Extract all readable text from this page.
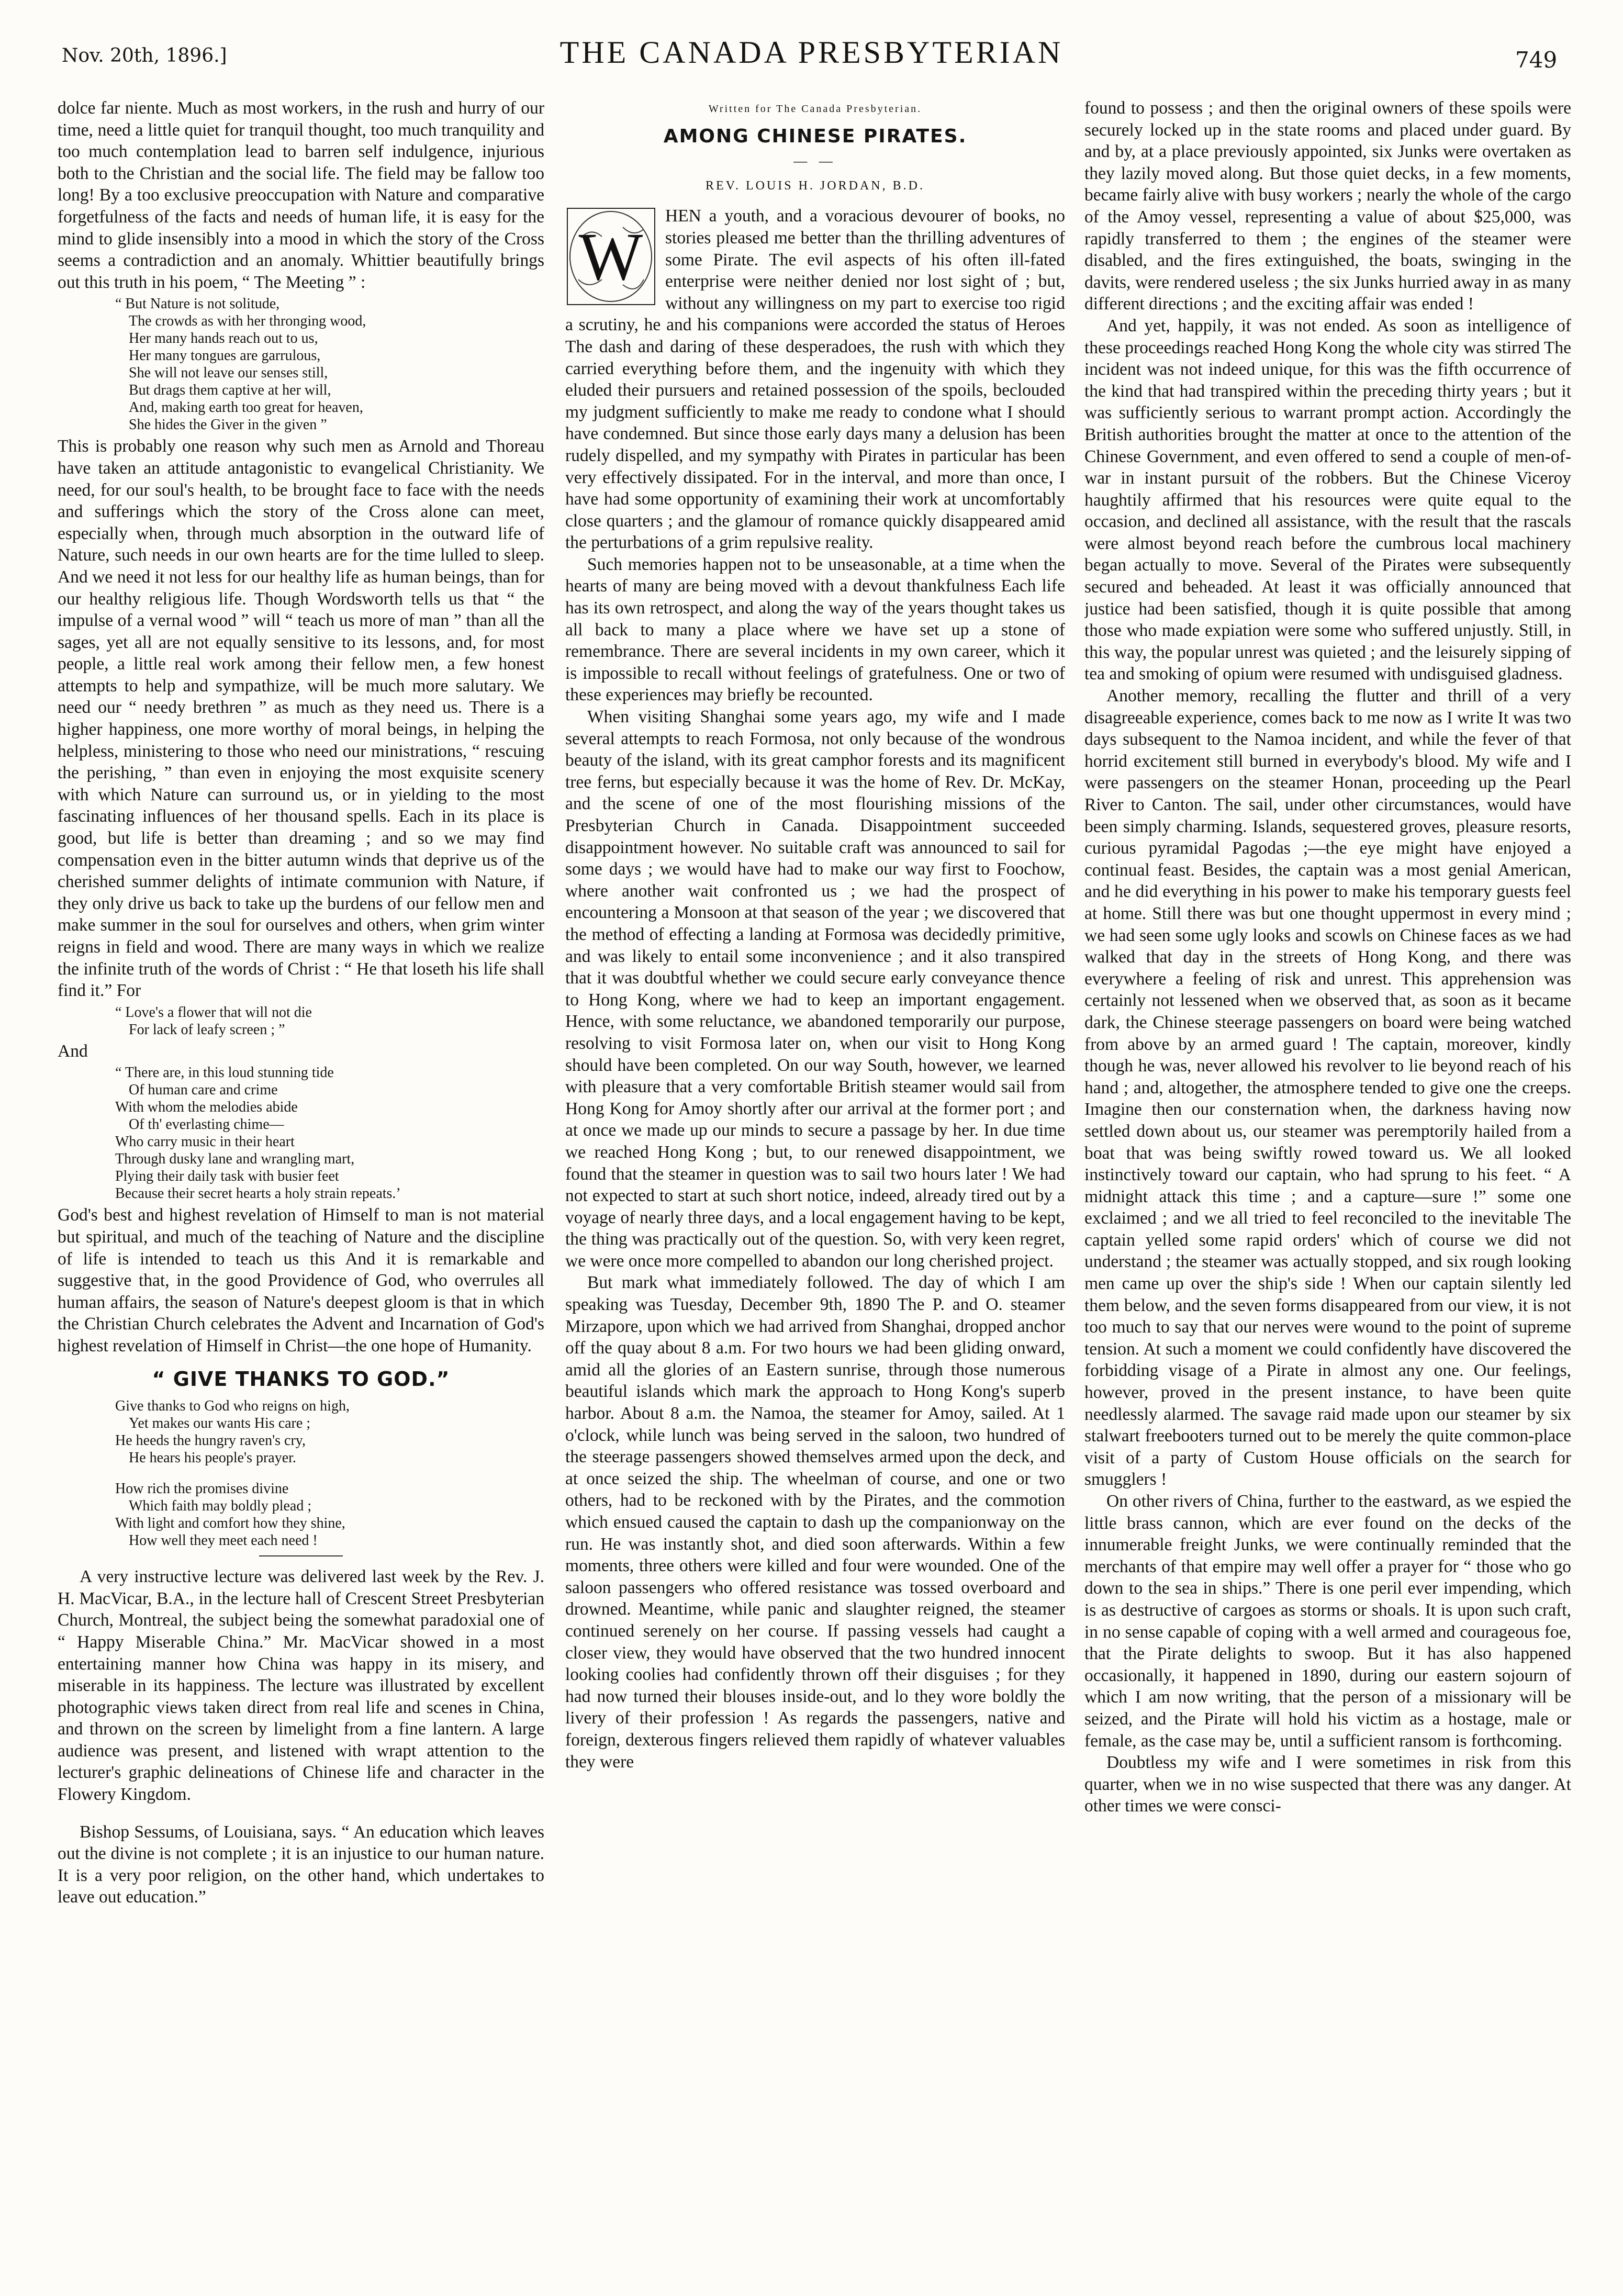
Nov. 20th, 1896.]	THE CANADA PRESBYTERIAN	749

dolce far niente. Much as most workers, in the rush and hurry of our time, need a little quiet for tranquil thought, too much tranquility and too much contemplation lead to barren self indulgence, injurious both to the Christian and the social life. The field may be fallow too long! By a too exclusive preoccupation with Nature and comparative forgetfulness of the facts and needs of human life, it is easy for the mind to glide insensibly into a mood in which the story of the Cross seems a contradiction and an anomaly. Whittier beautifully brings out this truth in his poem, “ The Meeting ” :

“ But Nature is not solitude,
The crowds as with her thronging wood,
Her many hands reach out to us,
Her many tongues are garrulous,
She will not leave our senses still,
But drags them captive at her will,
And, making earth too great for heaven,
She hides the Giver in the given ”

This is probably one reason why such men as Arnold and Thoreau have taken an attitude antagonistic to evangelical Christianity. We need, for our soul's health, to be brought face to face with the needs and sufferings which the story of the Cross alone can meet, especially when, through much absorption in the outward life of Nature, such needs in our own hearts are for the time lulled to sleep. And we need it not less for our healthy life as human beings, than for our healthy religious life. Though Wordsworth tells us that “ the impulse of a vernal wood ” will “ teach us more of man ” than all the sages, yet all are not equally sensitive to its lessons, and, for most people, a little real work among their fellow men, a few honest attempts to help and sympathize, will be much more salutary. We need our “ needy brethren ” as much as they need us. There is a higher happiness, one more worthy of moral beings, in helping the helpless, ministering to those who need our ministrations, “ rescuing the perishing, ” than even in enjoying the most exquisite scenery with which Nature can surround us, or in yielding to the most fascinating influences of her thousand spells. Each in its place is good, but life is better than dreaming ; and so we may find compensation even in the bitter autumn winds that deprive us of the cherished summer delights of intimate communion with Nature, if they only drive us back to take up the burdens of our fellow men and make summer in the soul for ourselves and others, when grim winter reigns in field and wood. There are many ways in which we realize the infinite truth of the words of Christ : “ He that loseth his life shall find it.” For

“ Love's a flower that will not die
For lack of leafy screen ; ”

And

“ There are, in this loud stunning tide
Of human care and crime
With whom the melodies abide
Of th' everlasting chime—
Who carry music in their heart
Through dusky lane and wrangling mart,
Plying their daily task with busier feet
Because their secret hearts a holy strain repeats.’

God's best and highest revelation of Himself to man is not material but spiritual, and much of the teaching of Nature and the discipline of life is intended to teach us this And it is remarkable and suggestive that, in the good Providence of God, who overrules all human affairs, the season of Nature's deepest gloom is that in which the Christian Church celebrates the Advent and Incarnation of God's highest revelation of Himself in Christ—the one hope of Humanity.

“ GIVE THANKS TO GOD.”
Give thanks to God who reigns on high,
Yet makes our wants His care ;
He heeds the hungry raven's cry,
He hears his people's prayer.
How rich the promises divine
Which faith may boldly plead ;
With light and comfort how they shine,
How well they meet each need !

A very instructive lecture was delivered last week by the Rev. J. H. MacVicar, B.A., in the lecture hall of Crescent Street Presbyterian Church, Montreal, the subject being the somewhat paradoxial one of “ Happy Miserable China.” Mr. MacVicar showed in a most entertaining manner how China was happy in its misery, and miserable in its happiness. The lecture was illustrated by excellent photographic views taken direct from real life and scenes in China, and thrown on the screen by limelight from a fine lantern. A large audience was present, and listened with wrapt attention to the lecturer's graphic delineations of Chinese life and character in the Flowery Kingdom.

Bishop Sessums, of Louisiana, says. “ An education which leaves out the divine is not complete ; it is an injustice to our human nature. It is a very poor religion, on the other hand, which undertakes to leave out education.”

Written for The Canada Presbyterian.
AMONG CHINESE PIRATES.
— —
REV. LOUIS H. JORDAN, B.D.
W

HEN a youth, and a voracious devourer of books, no stories pleased me better than the thrilling adventures of some Pirate. The evil aspects of his often ill-fated enterprise were neither denied nor lost sight of ; but, without any willingness on my part to exercise too rigid a scrutiny, he and his companions were accorded the status of Heroes The dash and daring of these desperadoes, the rush with which they carried everything before them, and the ingenuity with which they eluded their pursuers and retained possession of the spoils, beclouded my judgment sufficiently to make me ready to condone what I should have condemned. But since those early days many a delusion has been rudely dispelled, and my sympathy with Pirates in particular has been very effectively dissipated. For in the interval, and more than once, I have had some opportunity of examining their work at uncomfortably close quarters ; and the glamour of romance quickly disappeared amid the perturbations of a grim repulsive reality.

Such memories happen not to be unseasonable, at a time when the hearts of many are being moved with a devout thankfulness Each life has its own retrospect, and along the way of the years thought takes us all back to many a place where we have set up a stone of remembrance. There are several incidents in my own career, which it is impossible to recall without feelings of gratefulness. One or two of these experiences may briefly be recounted.

When visiting Shanghai some years ago, my wife and I made several attempts to reach Formosa, not only because of the wondrous beauty of the island, with its great camphor forests and its magnificent tree ferns, but especially because it was the home of Rev. Dr. McKay, and the scene of one of the most flourishing missions of the Presbyterian Church in Canada. Disappointment succeeded disappointment however. No suitable craft was announced to sail for some days ; we would have had to make our way first to Foochow, where another wait confronted us ; we had the prospect of encountering a Monsoon at that season of the year ; we discovered that the method of effecting a landing at Formosa was decidedly primitive, and was likely to entail some inconvenience ; and it also transpired that it was doubtful whether we could secure early conveyance thence to Hong Kong, where we had to keep an important engagement. Hence, with some reluctance, we abandoned temporarily our purpose, resolving to visit Formosa later on, when our visit to Hong Kong should have been completed. On our way South, however, we learned with pleasure that a very comfortable British steamer would sail from Hong Kong for Amoy shortly after our arrival at the former port ; and at once we made up our minds to secure a passage by her. In due time we reached Hong Kong ; but, to our renewed disappointment, we found that the steamer in question was to sail two hours later ! We had not expected to start at such short notice, indeed, already tired out by a voyage of nearly three days, and a local engagement having to be kept, the thing was practically out of the question. So, with very keen regret, we were once more compelled to abandon our long cherished project.

But mark what immediately followed. The day of which I am speaking was Tuesday, December 9th, 1890 The P. and O. steamer Mirzapore, upon which we had arrived from Shanghai, dropped anchor off the quay about 8 a.m. For two hours we had been gliding onward, amid all the glories of an Eastern sunrise, through those numerous beautiful islands which mark the approach to Hong Kong's superb harbor. About 8 a.m. the Namoa, the steamer for Amoy, sailed. At 1 o'clock, while lunch was being served in the saloon, two hundred of the steerage passengers showed themselves armed upon the deck, and at once seized the ship. The wheelman of course, and one or two others, had to be reckoned with by the Pirates, and the commotion which ensued caused the captain to dash up the companionway on the run. He was instantly shot, and died soon afterwards. Within a few moments, three others were killed and four were wounded. One of the saloon passengers who offered resistance was tossed overboard and drowned. Meantime, while panic and slaughter reigned, the steamer continued serenely on her course. If passing vessels had caught a closer view, they would have observed that the two hundred innocent looking coolies had confidently thrown off their disguises ; for they had now turned their blouses inside-out, and lo they wore boldly the livery of their profession ! As regards the passengers, native and foreign, dexterous fingers relieved them rapidly of whatever valuables they were

found to possess ; and then the original owners of these spoils were securely locked up in the state rooms and placed under guard. By and by, at a place previously appointed, six Junks were overtaken as they lazily moved along. But those quiet decks, in a few moments, became fairly alive with busy workers ; nearly the whole of the cargo of the Amoy vessel, representing a value of about $25,000, was rapidly transferred to them ; the engines of the steamer were disabled, and the fires extinguished, the boats, swinging in the davits, were rendered useless ; the six Junks hurried away in as many different directions ; and the exciting affair was ended !

And yet, happily, it was not ended. As soon as intelligence of these proceedings reached Hong Kong the whole city was stirred The incident was not indeed unique, for this was the fifth occurrence of the kind that had transpired within the preceding thirty years ; but it was sufficiently serious to warrant prompt action. Accordingly the British authorities brought the matter at once to the attention of the Chinese Government, and even offered to send a couple of men-of-war in instant pursuit of the robbers. But the Chinese Viceroy haughtily affirmed that his resources were quite equal to the occasion, and declined all assistance, with the result that the rascals were almost beyond reach before the cumbrous local machinery began actually to move. Several of the Pirates were subsequently secured and beheaded. At least it was officially announced that justice had been satisfied, though it is quite possible that among those who made expiation were some who suffered unjustly. Still, in this way, the popular unrest was quieted ; and the leisurely sipping of tea and smoking of opium were resumed with undisguised gladness.

Another memory, recalling the flutter and thrill of a very disagreeable experience, comes back to me now as I write It was two days subsequent to the Namoa incident, and while the fever of that horrid excitement still burned in everybody's blood. My wife and I were passengers on the steamer Honan, proceeding up the Pearl River to Canton. The sail, under other circumstances, would have been simply charming. Islands, sequestered groves, pleasure resorts, curious pyramidal Pagodas ;—the eye might have enjoyed a continual feast. Besides, the captain was a most genial American, and he did everything in his power to make his temporary guests feel at home. Still there was but one thought uppermost in every mind ; we had seen some ugly looks and scowls on Chinese faces as we had walked that day in the streets of Hong Kong, and there was everywhere a feeling of risk and unrest. This apprehension was certainly not lessened when we observed that, as soon as it became dark, the Chinese steerage passengers on board were being watched from above by an armed guard ! The captain, moreover, kindly though he was, never allowed his revolver to lie beyond reach of his hand ; and, altogether, the atmosphere tended to give one the creeps. Imagine then our consternation when, the darkness having now settled down about us, our steamer was peremptorily hailed from a boat that was being swiftly rowed toward us. We all looked instinctively toward our captain, who had sprung to his feet. “ A midnight attack this time ; and a capture—sure !” some one exclaimed ; and we all tried to feel reconciled to the inevitable The captain yelled some rapid orders' which of course we did not understand ; the steamer was actually stopped, and six rough looking men came up over the ship's side ! When our captain silently led them below, and the seven forms disappeared from our view, it is not too much to say that our nerves were wound to the point of supreme tension. At such a moment we could confidently have discovered the forbidding visage of a Pirate in almost any one. Our feelings, however, proved in the present instance, to have been quite needlessly alarmed. The savage raid made upon our steamer by six stalwart freebooters turned out to be merely the quite common-place visit of a party of Custom House officials on the search for smugglers !

On other rivers of China, further to the eastward, as we espied the little brass cannon, which are ever found on the decks of the innumerable freight Junks, we were continually reminded that the merchants of that empire may well offer a prayer for “ those who go down to the sea in ships.” There is one peril ever impending, which is as destructive of cargoes as storms or shoals. It is upon such craft, in no sense capable of coping with a well armed and courageous foe, that the Pirate delights to swoop. But it has also happened occasionally, it happened in 1890, during our eastern sojourn of which I am now writing, that the person of a missionary will be seized, and the Pirate will hold his victim as a hostage, male or female, as the case may be, until a sufficient ransom is forthcoming.

Doubtless my wife and I were sometimes in risk from this quarter, when we in no wise suspected that there was any danger. At other times we were consci-
